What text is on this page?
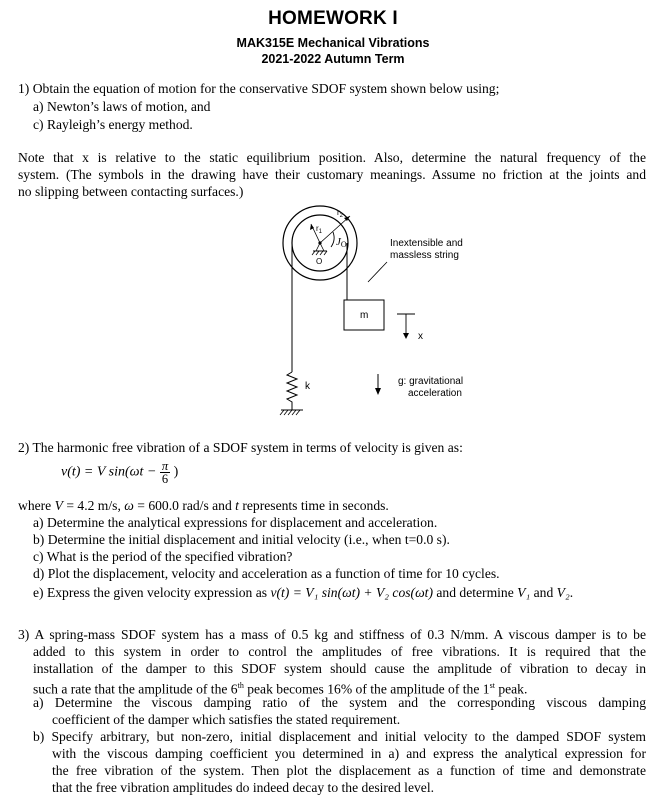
HOMEWORK I
MAK315E Mechanical Vibrations
2021-2022 Autumn Term
1) Obtain the equation of motion for the conservative SDOF system shown below using;
a) Newton’s laws of motion, and
c) Rayleigh’s energy method.
Note that x is relative to the static equilibrium position. Also, determine the natural frequency of the
system. (The symbols in the drawing have their customary meanings. Assume no friction at the joints and
no slipping between contacting surfaces.)
$r_1$
$r_2$
JO
O
Inextensible and
massless string
m
x
k	g: gravitational
acceleration
2) The harmonic free vibration of a SDOF system in terms of velocity is given as:
v(t) = V $\sin(\omega t - \frac{\pi}{6}$ )
where V = 4.2 m/s, ω = 600.0 rad/s and t represents time in seconds.
a) Determine the analytical expressions for displacement and acceleration.
b) Determine the initial displacement and initial velocity (i.e., when t=0.0 s).
c) What is the period of the specified vibration?
d) Plot the displacement, velocity and acceleration as a function of time for 10 cycles.
e) Express the given velocity expression as v(t) = V₁ sin(ωt) + V₂ cos(ωt) and determine V₁ and V₂.
3) A spring-mass SDOF system has a mass of 0.5 kg and stiffness of 0.3 N/mm. A viscous damper is to be
added to this system in order to control the amplitudes of free vibrations. It is required that the
installation of the damper to this SDOF system should cause the amplitude of vibration to decay in
such a rate that the amplitude of the 6th peak becomes 16% of the amplitude of the 1st peak.
a) Determine the viscous damping ratio of the system and the corresponding viscous damping
coefficient of the damper which satisfies the stated requirement.
b) Specify arbitrary, but non-zero, initial displacement and initial velocity to the damped SDOF system
with the viscous damping coefficient you determined in a) and express the analytical expression for
the free vibration of the system. Then plot the displacement as a function of time and demonstrate
that the free vibration amplitudes do indeed decay to the desired level.
